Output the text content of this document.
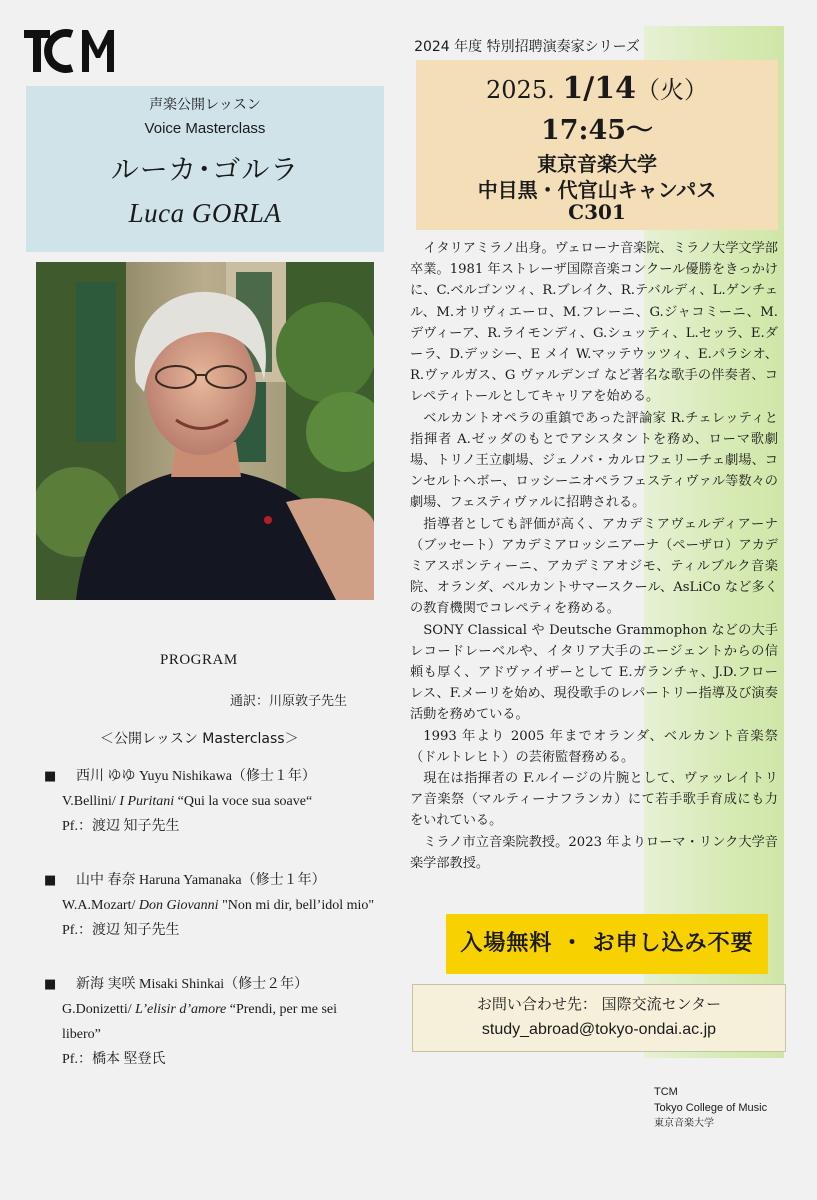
声楽公開レッスン
Voice Masterclass
ルーカ･ゴルラ
Luca GORLA
2024 年度 特別招聘演奏家シリーズ
2025. 1/14（火）
17:45～
東京音楽大学
中目黒・代官山キャンパス
C301

イタリアミラノ出身。ヴェローナ音楽院、ミラノ大学文学部卒業。1981 年ストレーザ国際音楽コンクール優勝をきっかけに、C.ベルゴンツィ、R.ブレイク、R.テバルディ、L.ゲンチェル、M.オリヴィエーロ、M.フレーニ、G.ジャコミーニ、M.デヴィーア、R.ライモンディ、G.シュッティ、L.セッラ、E.ダーラ、D.デッシー、E メイ W.マッテウッツィ、E.パラシオ、R.ヴァルガス、G ヴァルデンゴ など著名な歌手の伴奏者、コレペティトールとしてキャリアを始める。

ベルカントオペラの重鎮であった評論家 R.チェレッティと指揮者 A.ゼッダのもとでアシスタントを務め、ローマ歌劇場、トリノ王立劇場、ジェノバ・カルロフェリーチェ劇場、コンセルトヘボー、ロッシーニオペラフェスティヴァル等数々の劇場、フェスティヴァルに招聘される。

指導者としても評価が高く、アカデミアヴェルディアーナ（ブッセート）アカデミアロッシニアーナ（ペーザロ）アカデミアスポンティーニ、アカデミアオジモ、ティルブルク音楽院、オランダ、ベルカントサマースクール、AsLiCo など多くの教育機関でコレペティを務める。

SONY Classical や Deutsche Grammophon などの大手レコードレーベルや、イタリア大手のエージェントからの信頼も厚く、アドヴァイザーとして E.ガランチャ、J.D.フローレス、F.メーリを始め、現役歌手のレパートリー指導及び演奏活動を務めている。

1993 年より 2005 年までオランダ、ベルカント音楽祭（ドルトレヒト）の芸術監督務める。

現在は指揮者の F.ルイージの片腕として、ヴァッレイトリア音楽祭（マルティーナフランカ）にて若手歌手育成にも力をいれている。

ミラノ市立音楽院教授。2023 年よりローマ・リンク大学音楽学部教授。

入場無料 ・ お申し込み不要
お問い合わせ先： 国際交流センター
study_abroad@tokyo-ondai.ac.jp
TCM
Tokyo College of Music
東京音楽大学
PROGRAM
通訳：川原敦子先生
＜公開レッスン Masterclass＞
■	西川 ゆゆ Yuyu Nishikawa（修士１年）
V.Bellini/ I Puritani “Qui la voce sua soave“
Pf.：渡辺 知子先生
■	山中 春奈 Haruna Yamanaka（修士１年）
W.A.Mozart/ Don Giovanni "Non mi dir, bell’idol mio"
Pf.：渡辺 知子先生
■	新海 実咲 Misaki Shinkai（修士２年）
G.Donizetti/ L’elisir d’amore “Prendi, per me sei libero”
Pf.：橋本 堅登氏
